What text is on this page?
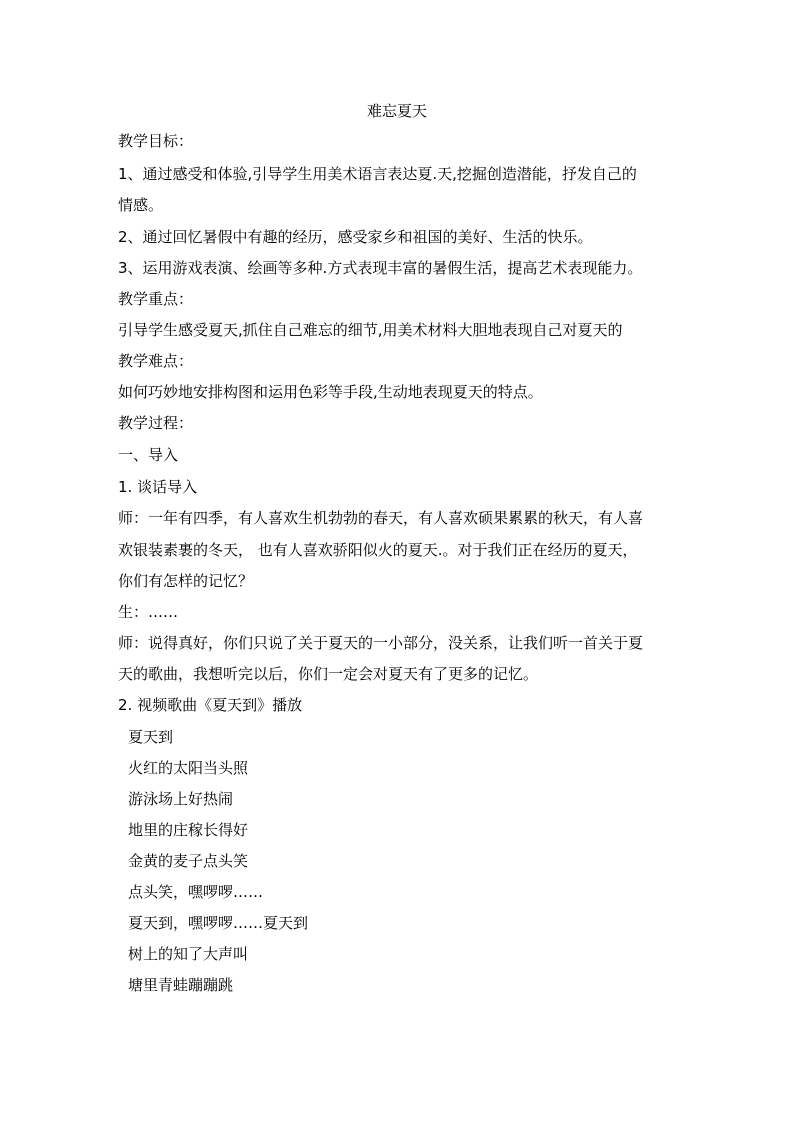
难忘夏天
教学目标：
1、通过感受和体验,引导学生用美术语言表达夏.天,挖掘创造潜能，抒发自己的
情感。
2、通过回忆暑假中有趣的经历，感受家乡和祖国的美好、生活的快乐。
3、运用游戏表演、绘画等多种.方式表现丰富的暑假生活，提高艺术表现能力。
教学重点：
引导学生感受夏天,抓住自己难忘的细节,用美术材料大胆地表现自己对夏天的
教学难点：
如何巧妙地安排构图和运用色彩等手段,生动地表现夏天的特点。
教学过程：
一、导入
1. 谈话导入
师：一年有四季，有人喜欢生机勃勃的春天，有人喜欢硕果累累的秋天，有人喜
欢银装素裹的冬天， 也有人喜欢骄阳似火的夏天.。对于我们正在经历的夏天，
你们有怎样的记忆？
生：……
师：说得真好，你们只说了关于夏天的一小部分，没关系，让我们听一首关于夏
天的歌曲，我想听完以后，你们一定会对夏天有了更多的记忆。
2. 视频歌曲《夏天到》播放
夏天到
火红的太阳当头照
游泳场上好热闹
地里的庄稼长得好
金黄的麦子点头笑
点头笑，嘿啰啰……
夏天到，嘿啰啰……夏天到
树上的知了大声叫
塘里青蛙蹦蹦跳
